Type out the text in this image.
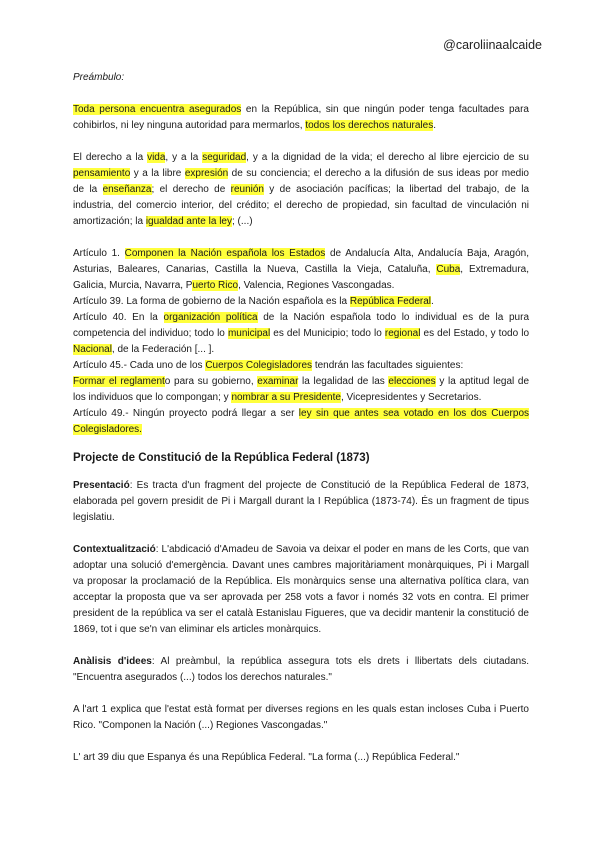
@caroliinaalcaide

Preámbulo:

Toda persona encuentra asegurados en la República, sin que ningún poder tenga facultades para cohibirlos, ni ley ninguna autoridad para mermarlos, todos los derechos naturales.

El derecho a la vida, y a la seguridad, y a la dignidad de la vida; el derecho al libre ejercicio de su pensamiento y a la libre expresión de su conciencia; el derecho a la difusión de sus ideas por medio de la enseñanza; el derecho de reunión y de asociación pacíficas; la libertad del trabajo, de la industria, del comercio interior, del crédito; el derecho de propiedad, sin facultad de vinculación ni amortización; la igualdad ante la ley; (...)

Artículo 1. Componen la Nación española los Estados de Andalucía Alta, Andalucía Baja, Aragón, Asturias, Baleares, Canarias, Castilla la Nueva, Castilla la Vieja, Cataluña, Cuba, Extremadura, Galicia, Murcia, Navarra, Puerto Rico, Valencia, Regiones Vascongadas.

Artículo 39. La forma de gobierno de la Nación española es la República Federal.

Artículo 40. En la organización política de la Nación española todo lo individual es de la pura competencia del individuo; todo lo municipal es del Municipio; todo lo regional es del Estado, y todo lo Nacional, de la Federación [... ].

Artículo 45.- Cada uno de los Cuerpos Colegisladores tendrán las facultades siguientes:

Formar el reglamento para su gobierno, examinar la legalidad de las elecciones y la aptitud legal de los individuos que lo compongan; y nombrar a su Presidente, Vicepresidentes y Secretarios.

Artículo 49.- Ningún proyecto podrá llegar a ser ley sin que antes sea votado en los dos Cuerpos Colegisladores.

Projecte de Constitució de la República Federal (1873)

Presentació: Es tracta d'un fragment del projecte de Constitució de la República Federal de 1873, elaborada pel govern presidit de Pi i Margall durant la I República (1873-74). És un fragment de tipus legislatiu.

Contextualització: L'abdicació d'Amadeu de Savoia va deixar el poder en mans de les Corts, que van adoptar una solució d'emergència. Davant unes cambres majoritàriament monàrquiques, Pi i Margall va proposar la proclamació de la República. Els monàrquics sense una alternativa política clara, van acceptar la proposta que va ser aprovada per 258 vots a favor i només 32 vots en contra. El primer president de la república va ser el català Estanislau Figueres, que va decidir mantenir la constitució de 1869, tot i que se'n van eliminar els articles monàrquics.

Anàlisis d'idees: Al preàmbul, la república assegura tots els drets i llibertats dels ciutadans. "Encuentra asegurados (...) todos los derechos naturales."

A l'art 1 explica que l'estat està format per diverses regions en les quals estan incloses Cuba i Puerto Rico. "Componen la Nación (...) Regiones Vascongadas."

L' art 39 diu que Espanya és una República Federal. "La forma (...) República Federal."
